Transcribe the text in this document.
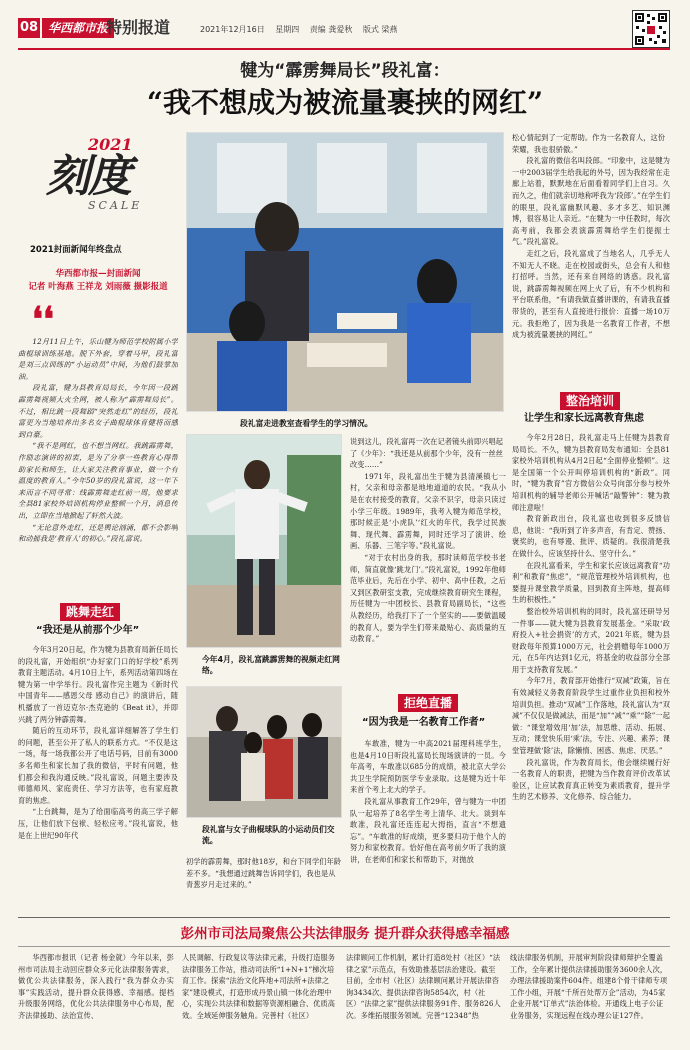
08 华西都市报
特别报道	2021年12月16日 星期四 责编 龚爱秋 版式 梁燕
犍为“霹雳舞局长”段礼富：
“我不想成为被流量裹挟的网红”
2021
刻度
SCALE
2021封面新闻年终盘点
华西都市报—封面新闻
记者 叶海燕 王祥龙 刘雨薇 摄影报道
❛❛

12月11日上午，乐山犍为师范学校附属小学曲棍球训练基地。脱下外套，穿着马甲，段礼富是刘三点训练的“小运动员”中间，为他们鼓掌加油。

段礼富，犍为县教育局局长，今年因一段跳霹雳舞视频大火全网，被人称为“霹雳舞局长”。不过，相比跳一段舞蹈“突然走红”的经历，段礼富更为当地培养出多名女子曲棍球体育健将而感到自豪。

“我不是网红，也不想当网红。我跳霹雳舞，作励志演讲的初衷，是为了分享一些教育心得帮助家长和师生，让大家关注教育事业，做一个有温度的教育人。”今年50岁的段礼富说，这一年下来而言不同寻常：线霹雳舞走红前一周，他要求全县81家校外培训机构停业整顿一个月，消息传出，立即在当地掀起了轩然大波。

“无论意外走红，还是舆论汹涌，都不会影响和动摇我是‘教育人’的初心。”段礼富说。

跳舞走红
“我还是从前那个少年”

今年3月20日起，作为犍为县教育局新任局长的段礼富，开始组织“办好家门口的好学校”系列教育主题活动。4月10日上午，系列活动第四场在犍为第一中学举行。段礼富作完主题为《新时代中国青年——感恩父母 感动自己》的演讲后，随机播放了一首迈克尔·杰克逊的《Beat it》，并即兴跳了两分钟霹雳舞。

随后的互动环节，段礼富详细解答了学生们的问题，甚至公开了私人的联系方式。“不仅是这一场，每一场我都公开了电话号码，目前有3000多名师生和家长加了我的微信，平时有问题，他们都会和我沟通反映。”段礼富说，问题主要涉及师德师风、家庭责任、学习方法等，也有家庭教育的焦虑。

“上台跳舞，是为了给面临高考的高三学子解压，让他们放下包袱、轻松应考。”段礼富说，他是在上世纪90年代

段礼富走进教室查看学生的学习情况。
今年4月，段礼富跳霹雳舞的视频走红网络。
段礼富与女子曲棍球队的小运动员们交流。

初学的霹雳舞，那时他18岁，和台下同学们年龄差不多。“我想通过跳舞告诉同学们，我也是从青葱岁月走过来的。”

说到这儿，段礼富再一次在记者镜头前即兴唱起了《少年》：“我还是从前那个少年，没有一丝丝改变……”

1971年，段礼富出生于犍为县清溪镇七一村，父亲和母亲都是地地道道的农民。“我从小是在农村接受的教育，父亲不识字，母亲只读过小学三年级。1989年，我考入犍为师范学校，那时候正是‘小虎队’‘红火的年代，我学过民族舞、现代舞、霹雳舞，同时还学习了演讲、绘画、乐器、三笔字等。”段礼富说。

“对于农村出身的我，那时读师范学校书老师，简直就像‘跳龙门’。”段礼富说，1992年他师范毕业后，先后在小学、初中、高中任教，之后又到区教研室支教，完成继续教育研究生课程，历任犍为一中团校长、县教育局副局长，“这些从教经历，给我打下了一个坚实的——要做温暖的教育人，要为学生们带来最贴心、高质量的互动教育。”

拒绝直播
“因为我是一名教育工作者”

车敢准，犍为一中高2021届理科班学生，也是4月10日听段礼富局长现场演讲的一员。今年高考，车敢准以685分的成绩，被北京大学公共卫生学院预防医学专业录取。这是犍为近十年来首个考上北大的学子。

段礼富从事教育工作29年，曾与犍为一中团队一起培养了8名学生考上清华、北大。谈到车敢准，段礼富还连连起大拇指，直言“不想遗忘”。“车敢准的好成绩，更多要归功于他个人的努力和家校教育。恰好他在高考前夕听了我的演讲，在老师们和家长和帮助下，对抛放

松心情起到了一定帮助。作为一名教育人，这份荣耀，我也很骄傲。”

段礼富的微信名叫段郎。“印象中，这是犍为一中2003届学生给我起的外号，因为我经常在走廊上站着，默默地在后面看着同学们上自习。久而久之，他们就亲切地称呼我为‘段郎’。”在学生们的眼里，段礼富幽默风趣、多才多艺、知识渊博，很容易让人亲近。“在犍为一中任教时，每次高考前，我都会表演霹雳舞给学生们提振士气。”段礼富说。

走红之后，段礼富成了当地名人，几乎无人不知无人不晓。走在校园或街头，总会有人和他打招呼。当然，还有来自网络的诱惑。段礼富说，跳霹雳舞视频在网上火了后，有不少机构和平台联系他，“有请我做直播讲课的，有请我直播带货的，甚至有人直接进行报价：直播一场10万元。我拒绝了，因为我是一名教育工作者，不想成为被流量裹挟的网红。”

整治培训
让学生和家长远离教育焦虑

今年2月28日，段礼富走马上任犍为县教育局局长。不久，犍为县教育局发布通知：全县81家校外培训机构从4月2日起“全面停业整顿”。这是全国第一个公开叫停培训机构的“新政”。同时，“犍为教育”官方微信公众号向部分参与校外培训机构的辅导老师公开喊话“敲警钟”：犍为教师注意啦！

教育新政出台，段礼富也收到很多反馈信息，他说：“我听到了许多声音，有肯定、赞扬、褒奖的，也有辱谩、批评、质疑的。我很清楚我在做什么，应该坚持什么、坚守什么。”

在段礼富看来，学生和家长应该远离教育“功利”和教育“焦虑”，“规范管理校外培训机构，也要提升课堂教学质量，回到教育主阵地，提高师生的积极性。”

整治校外培训机构的同时，段礼富还研导另一件事——就大犍为县教育发展基金。“采取‘政府投入+社会捐资’的方式，2021年底，犍为县财政每年预算1000万元，社会捐赠每年1000万元，在5年内达到1亿元，将基金的收益部分全部用于支持教育发展。”

今年7月，教育部开始推行“双减”政策，旨在有效减轻义务教育阶段学生过重作业负担和校外培训负担。推动“双减”工作落地，段礼富认为“双减”不仅仅是做减法，而是“加”“减”“乘”“除”一起做：“课堂增效用‘加’法，加思维、活动、拓展、互动；课堂快乐用‘乘’法，专注、兴趣、素养；课堂管理做‘除’法，除懒惰、困惑、焦虑、厌恶。”

段礼富说，作为教育局长，他会继续履行好一名教育人的职责，把犍为当作教育评价改革试验区，让应试教育真正转变为素质教育，提升学生的艺术修养、文化修养、综合能力。

彭州市司法局聚焦公共法律服务 提升群众获得感幸福感

华西都市报讯（记者 杨金就）今年以来，彭州市司法局主动回应群众多元化法律服务需求，做优公共法律服务，深入践行“我为群众办实事”实践活动，提升群众获得感、幸福感。提档升级服务网络，优化公共法律服务中心布局，配齐法律援助、法治宣传、

人民调解、行政复议等法律元素，升级打造服务法律服务工作站，推动司法所“1+N+1”梯次培育工作。探索“法治文化阵地+司法所+法律之家”建设模式，打造形成丹景山镇一体化治理中心，实现公共法律和数据等资源相融合、优质高效。全域延伸服务触角。完善村（社区）

法律顾问工作机制，累计打造8处村（社区）“法律之家”示范点，有效助推基层法治建设。截至目前，全市村（社区）法律顾问累计开展法律咨询3434次、提供法律咨询5854次，村（社区）“法律之家”提供法律服务91件、服务826人次。多维拓展服务领域。完善“12348”热

线法律服务机制，开展审判阶段律师辩护全覆盖工作，全年累计提供法律援助服务3600余人次，办理法律援助案件604件。组建8个骨干律师专项工作小组，开展“千所百处帮万企”活动，为45家企业开展“订单式”法治体检。开通线上电子公证业务服务，实现远程在线办理公证127件。
